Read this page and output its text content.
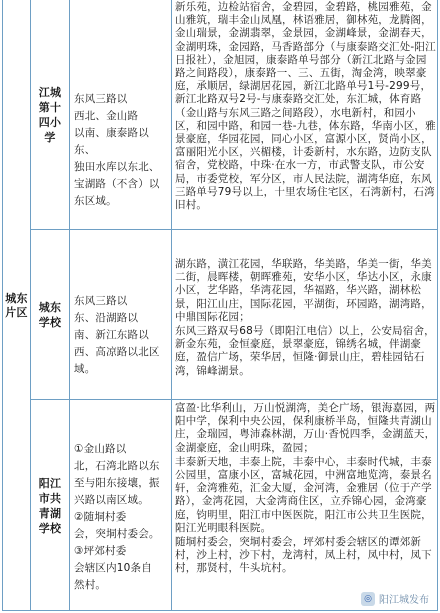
城东片区
江城
第十
四小
学

东风三路以
西北、金山路
以南、康泰路以东、
独田水库以东北、
宝湖路（不含）以
东区域。

新乐苑，边检站宿舍，金碧园，金碧路，桃园雅苑，金山雅筑，瑞丰金山凤凰，林语雅居，御林苑，龙腾阁，金山瑞景，金湖翡翠，金景园，金湖峰景，金湖春天，金湖明珠，金园路，马香路部分（与康泰路交汇处-阳江日报社），金旭园，康泰路单号部分（新江北路与金园路之间路段），康泰路一、三、五街，淘金湾，映翠豪庭，承顺居，绿湖居花园，新江北路单号1号-299号，新江北路双号2号-与康泰路交汇处，东汇城，体育路（金山路与东风三路之间路段），水电新村，和园小区，和园中路，和园一巷-九巷，体东路，华南小区，雅景豪庭，华园花园，同心小区，富源小区，贤尚小区，富丽阳光小区，兴楣楼，计委新村，水东路，边防支队宿舍，党校路，中珠·在水一方，市武警支队，市公安局，市委党校，军分区，市人民法院，湖湾华庭，东风三路单号79号以上，十里农场住宅区，石湾新村，石湾旧村。

城东
学校

东风三路以
东、沿湖路以
南、新江东路以
西、高凉路以北区
域。

湖东路，潢江花园，华联路，华美路，华美一街，华美二街，晨晖楼，朝晖雅苑，安华小区，华达小区，永康小区，艺华路，华湾花园，华福路，华兴路，湖林松景，阳江山庄，国际花园，平湖街，环园路，湖湾路，中鼎国际花园；

东风三路双号68号（即阳江电信）以上，公安局宿舍，新金东苑，金恒豪庭，景翠豪庭，锦绣名城，伴湖豪庭，盈信广场，荣华居，恒隆·御景山庄，碧桂园钻石湾，锦峰湖景。

阳江
市共
青湖
学校

①金山路以
北，石湾北路以东
至与阳东接壤，振
兴路以南区域。
②随垌村委
会，突垌村委会。
③坪郊村委
会辖区内10条自
然村。

富盈·比华利山，万山悦湖湾，美仑广场，银海嘉园，两阳中学，保利中央公园，保利康桥半岛，恒隆共青湖山庄，金瑞园，粤沛森林湖，万山·香悦四季，金湖蓝天，金湖豪庭，金山明珠，盈园；

丰泰新天地，丰泰上院，丰泰中心，丰泰时代城，丰泰公园里，富康小区，富城花园，中洲富地览湾，泰景名轩，金湾雅苑，汇金大厦，金河湾，金雅居（位于产学路），金湾花园，大金湾商住区，立乔锦心园，金湾豪庭，钧明里，阳江市中医医院，阳江市公共卫生医院，阳江光明眼科医院。

随垌村委会，突垌村委会，坪郊村委会辖区的谭郊新村，沙上村，沙下村，龙湾村，凤上村，凤中村，凤下村，那贤村，牛头坑村。

◎ 阳江城发布
